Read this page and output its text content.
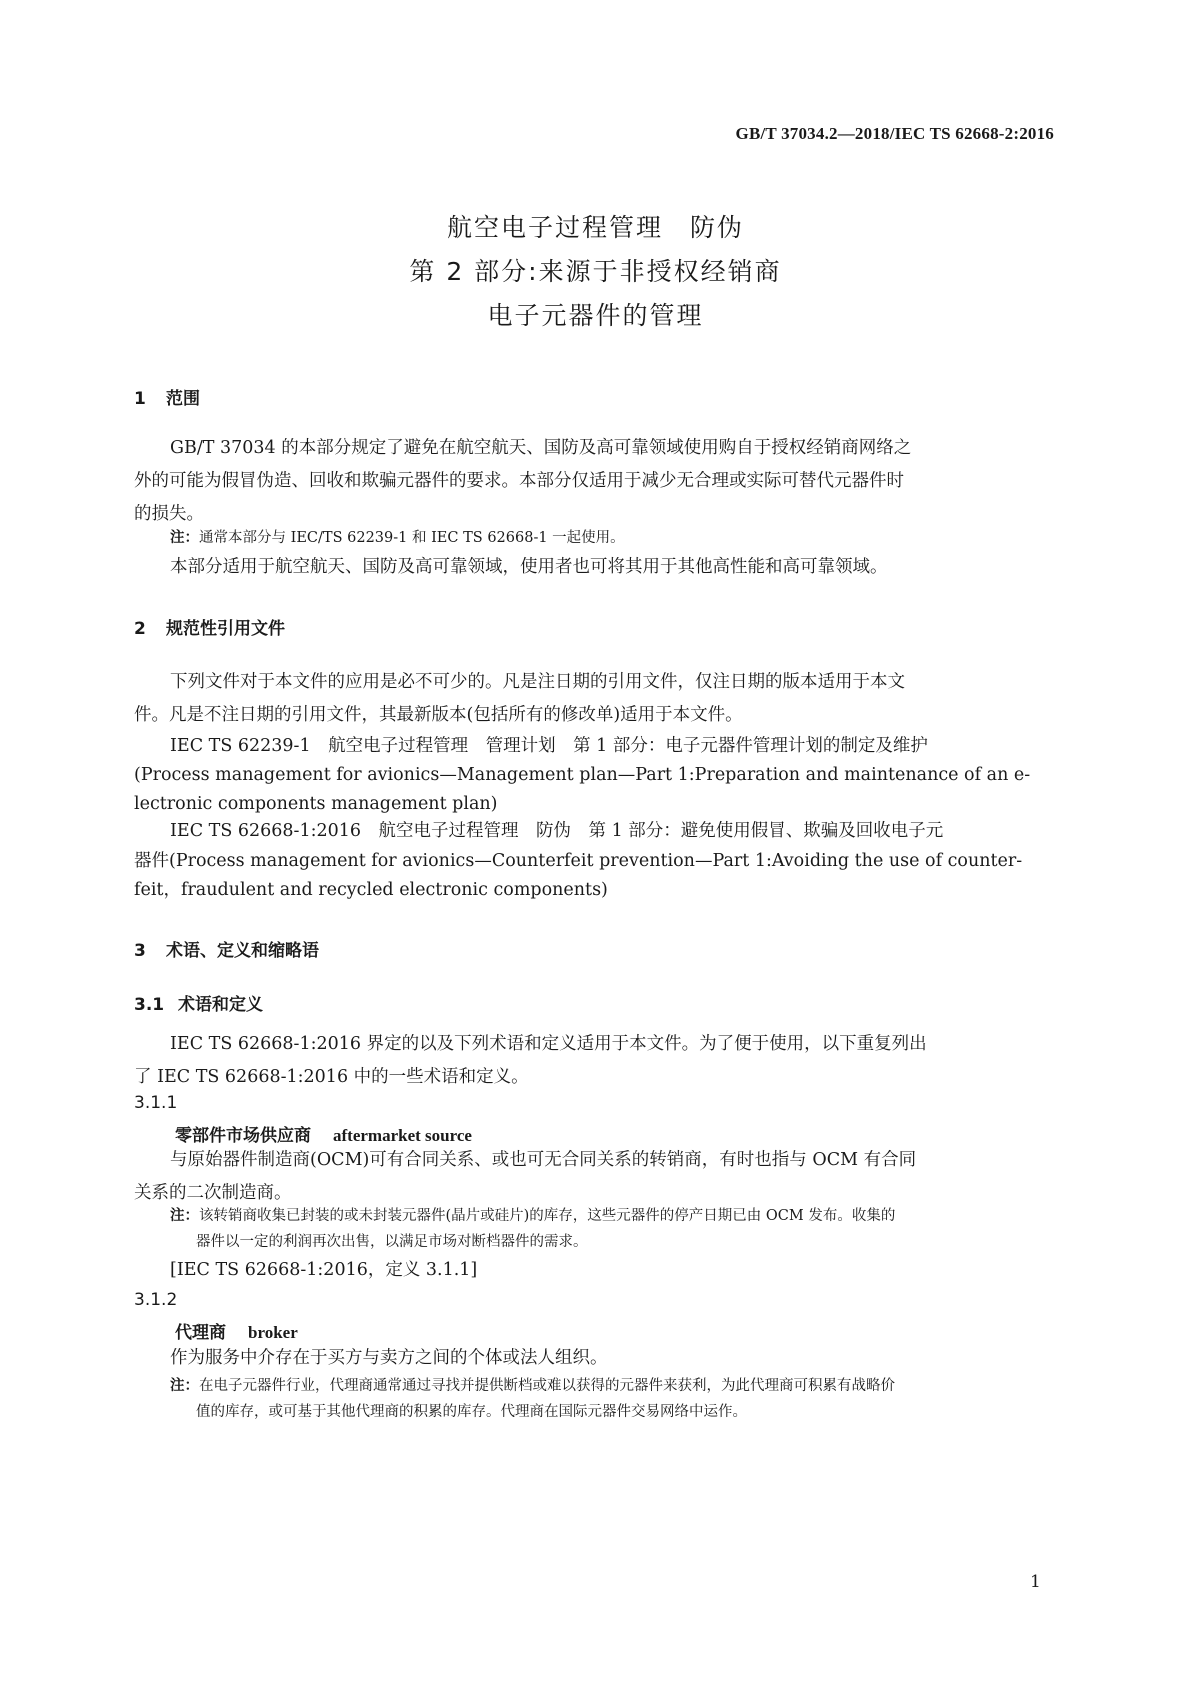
GB/T 37034.2—2018/IEC TS 62668-2:2016
航空电子过程管理　防伪
第 2 部分:来源于非授权经销商
电子元器件的管理
1 范围
GB/T 37034 的本部分规定了避免在航空航天、国防及高可靠领域使用购自于授权经销商网络之
外的可能为假冒伪造、回收和欺骗元器件的要求。本部分仅适用于减少无合理或实际可替代元器件时
的损失。
注：通常本部分与 IEC/TS 62239-1 和 IEC TS 62668-1 一起使用。
本部分适用于航空航天、国防及高可靠领域，使用者也可将其用于其他高性能和高可靠领域。
2 规范性引用文件
下列文件对于本文件的应用是必不可少的。凡是注日期的引用文件，仅注日期的版本适用于本文
件。凡是不注日期的引用文件，其最新版本(包括所有的修改单)适用于本文件。
IEC TS 62239-1　航空电子过程管理　管理计划　第 1 部分：电子元器件管理计划的制定及维护
(Process management for avionics—Management plan—Part 1:Preparation and maintenance of an e-
lectronic components management plan)
IEC TS 62668-1:2016　航空电子过程管理　防伪　第 1 部分：避免使用假冒、欺骗及回收电子元
器件(Process management for avionics—Counterfeit prevention—Part 1:Avoiding the use of counter-
feit，fraudulent and recycled electronic components)
3 术语、定义和缩略语
3.1 术语和定义
IEC TS 62668-1:2016 界定的以及下列术语和定义适用于本文件。为了便于使用，以下重复列出
了 IEC TS 62668-1:2016 中的一些术语和定义。
3.1.1
零部件市场供应商 aftermarket source
与原始器件制造商(OCM)可有合同关系、或也可无合同关系的转销商，有时也指与 OCM 有合同
关系的二次制造商。
注：该转销商收集已封装的或未封装元器件(晶片或硅片)的库存，这些元器件的停产日期已由 OCM 发布。收集的
器件以一定的利润再次出售，以满足市场对断档器件的需求。
[IEC TS 62668-1:2016，定义 3.1.1]
3.1.2
代理商 broker
作为服务中介存在于买方与卖方之间的个体或法人组织。
注：在电子元器件行业，代理商通常通过寻找并提供断档或难以获得的元器件来获利，为此代理商可积累有战略价
值的库存，或可基于其他代理商的积累的库存。代理商在国际元器件交易网络中运作。
1
